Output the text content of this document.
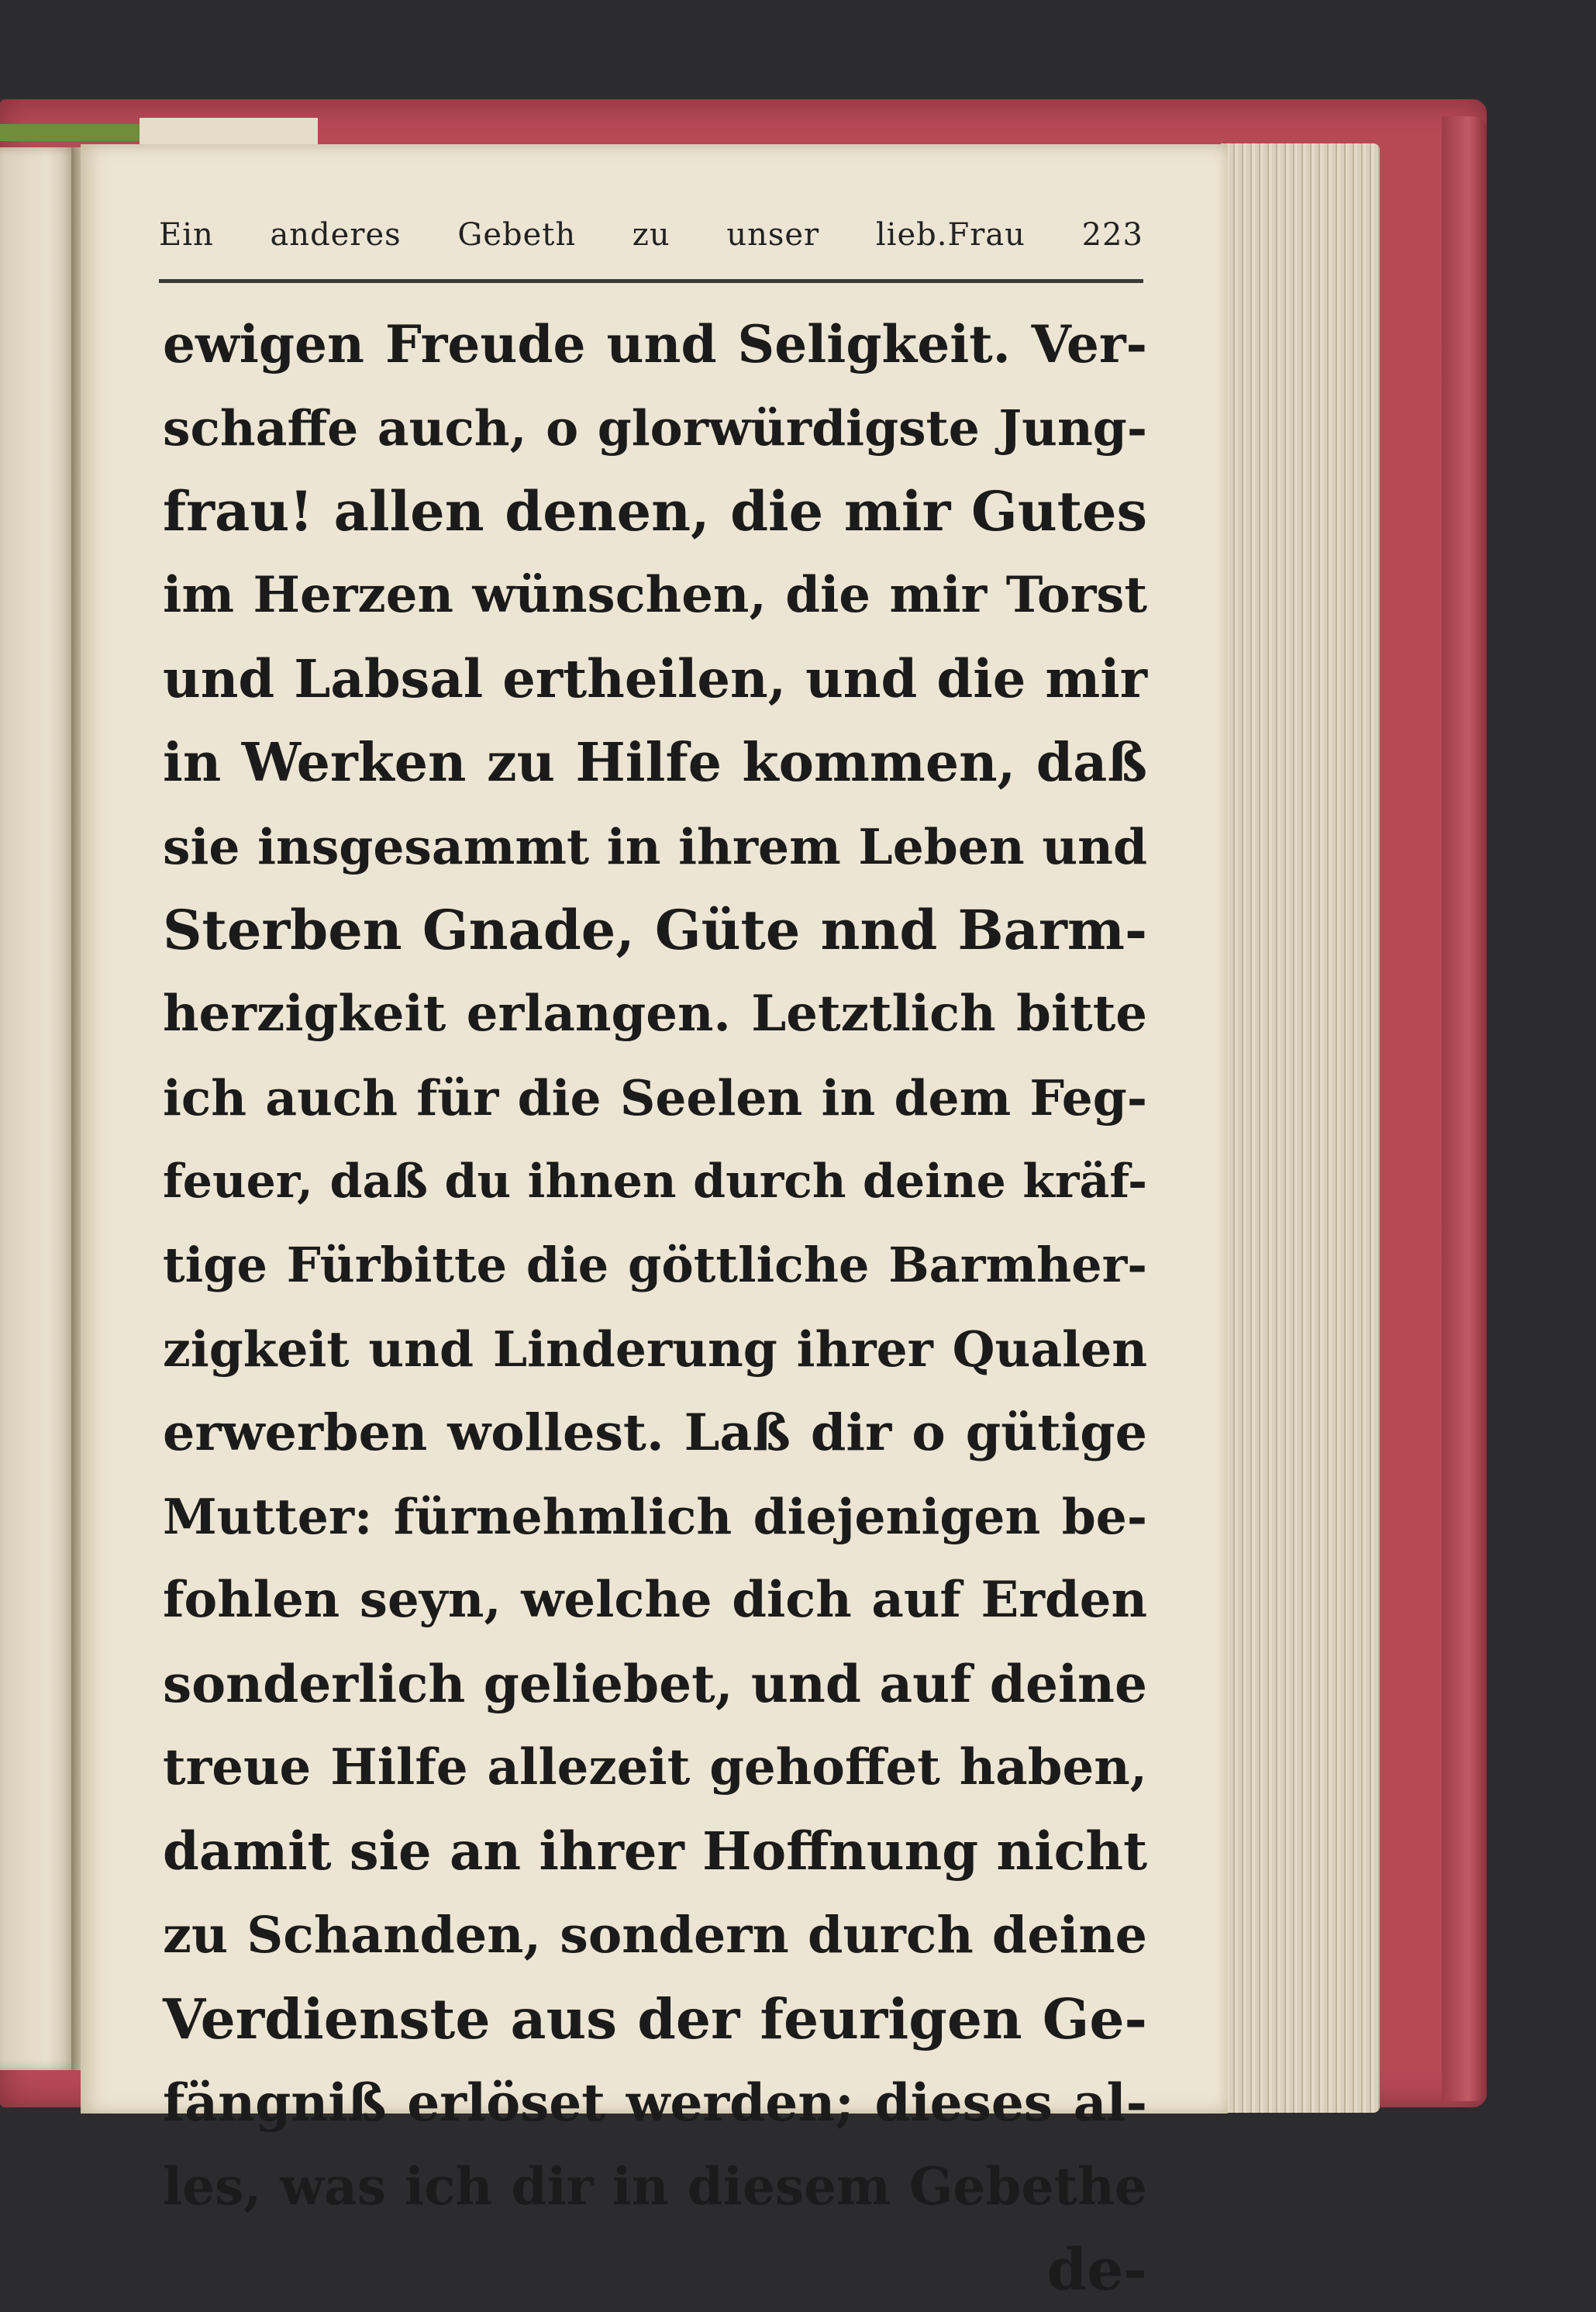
Ein anderes Gebeth zu unser lieb.Frau 223
ewigen Freude und Seligkeit. Ver-
schaffe auch, o glorwürdigste Jung-
frau! allen denen, die mir Gutes
im Herzen wünschen, die mir Torst
und Labsal ertheilen, und die mir
in Werken zu Hilfe kommen, daß
sie insgesammt in ihrem Leben und
Sterben Gnade, Güte nnd Barm-
herzigkeit erlangen. Letztlich bitte
ich auch für die Seelen in dem Feg-
feuer, daß du ihnen durch deine kräf-
tige Fürbitte die göttliche Barmher-
zigkeit und Linderung ihrer Qualen
erwerben wollest. Laß dir o gütige
Mutter: fürnehmlich diejenigen be-
fohlen seyn, welche dich auf Erden
sonderlich geliebet, und auf deine
treue Hilfe allezeit gehoffet haben,
damit sie an ihrer Hoffnung nicht
zu Schanden, sondern durch deine
Verdienste aus der feurigen Ge-
fängniß erlöset werden; dieses al-
les, was ich dir in diesem Gebethe
de-
